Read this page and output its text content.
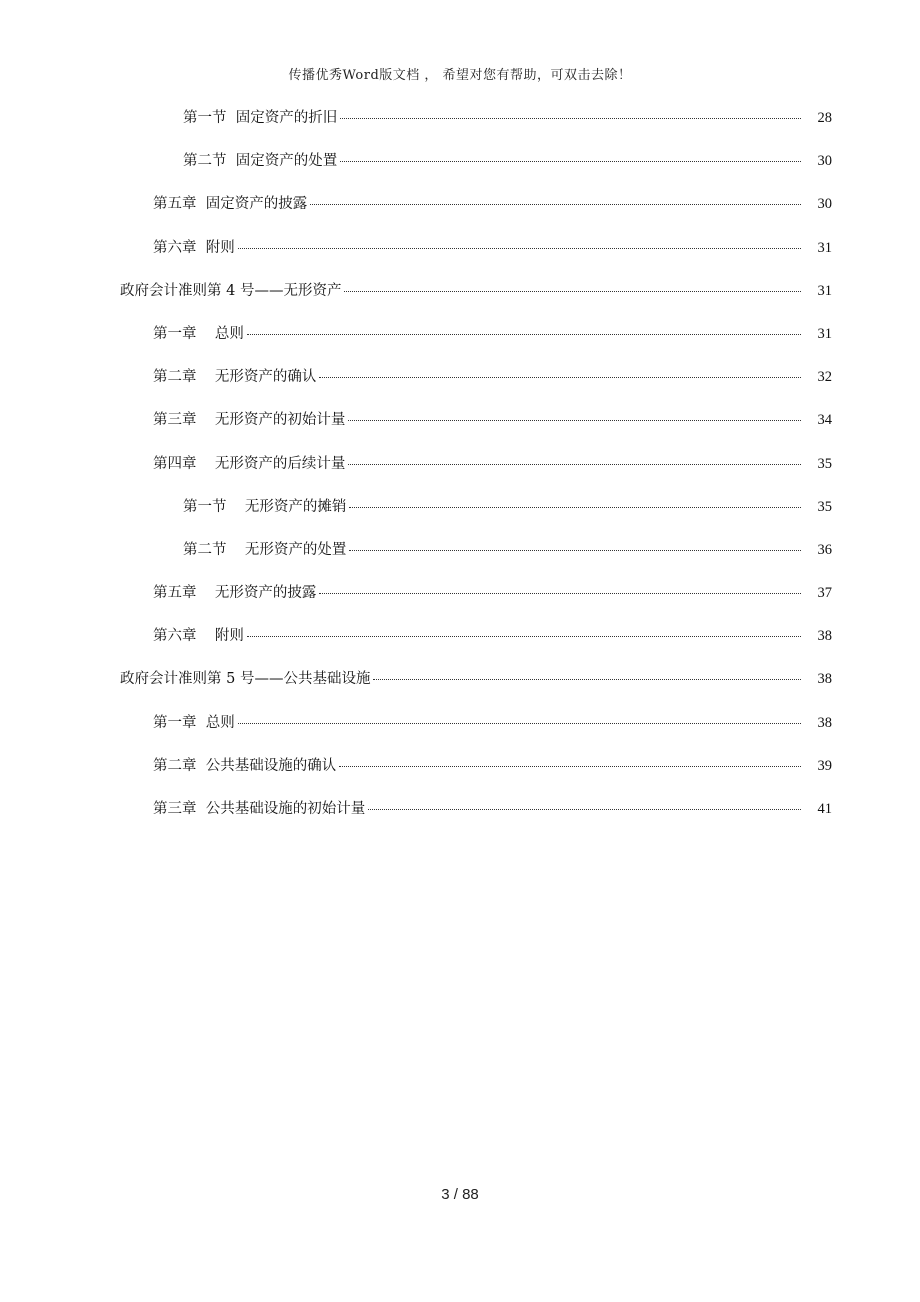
传播优秀Word版文档 ， 希望对您有帮助，可双击去除！
第一节  固定资产的折旧	28
第二节  固定资产的处置	30
第五章  固定资产的披露	30
第六章  附则	31
政府会计准则第 4 号——无形资产	31
第一章    总则	31
第二章    无形资产的确认	32
第三章    无形资产的初始计量	34
第四章    无形资产的后续计量	35
第一节    无形资产的摊销	35
第二节    无形资产的处置	36
第五章    无形资产的披露	37
第六章    附则	38
政府会计准则第 5 号——公共基础设施	38
第一章  总则	38
第二章  公共基础设施的确认	39
第三章  公共基础设施的初始计量	41
3 / 88
